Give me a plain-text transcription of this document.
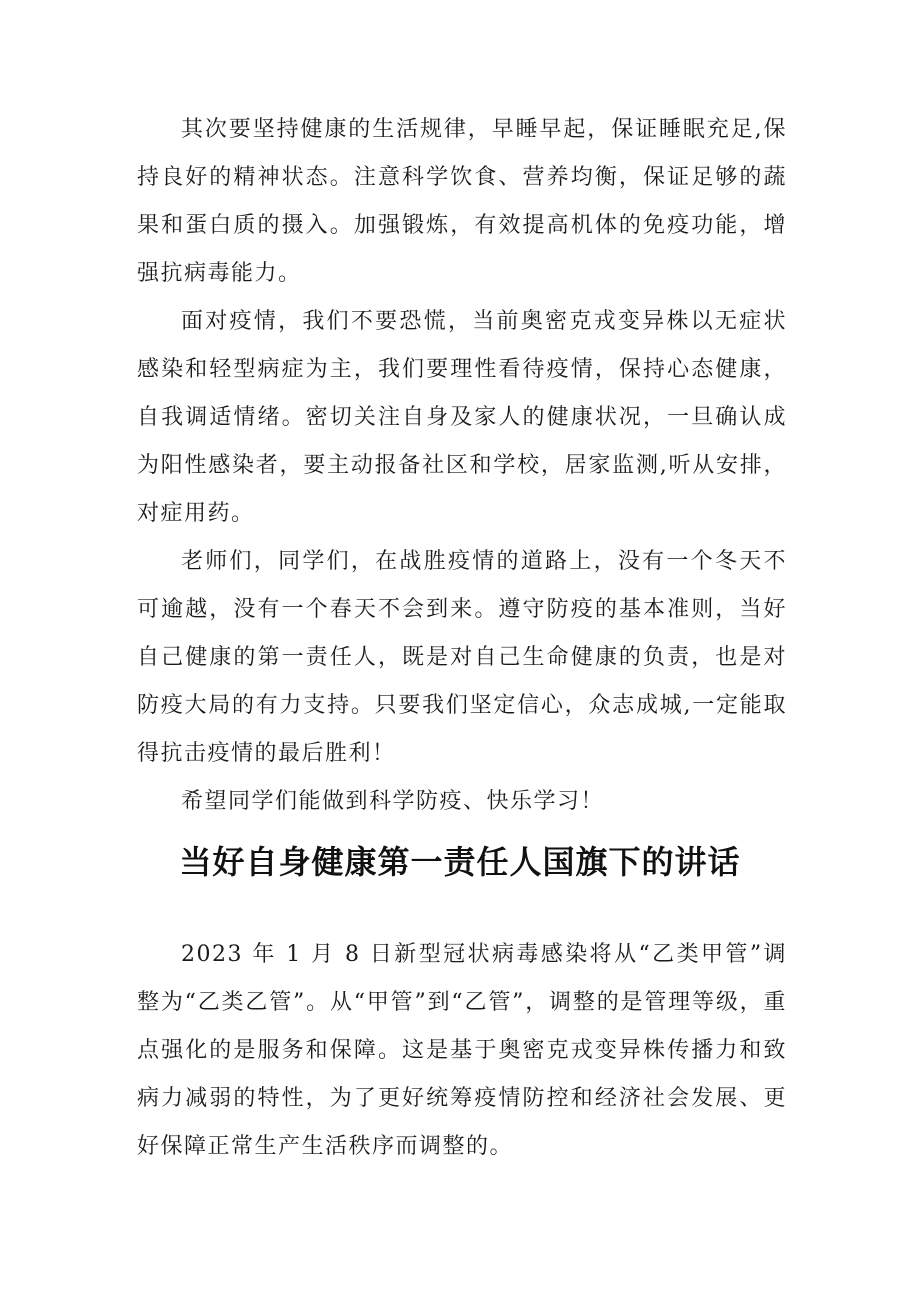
其次要坚持健康的生活规律，早睡早起，保证睡眠充足,保持良好的精神状态。注意科学饮食、营养均衡，保证足够的蔬果和蛋白质的摄入。加强锻炼，有效提高机体的免疫功能，增强抗病毒能力。

面对疫情，我们不要恐慌，当前奥密克戎变异株以无症状感染和轻型病症为主，我们要理性看待疫情，保持心态健康，自我调适情绪。密切关注自身及家人的健康状况，一旦确认成为阳性感染者，要主动报备社区和学校，居家监测,听从安排，对症用药。

老师们，同学们，在战胜疫情的道路上，没有一个冬天不可逾越，没有一个春天不会到来。遵守防疫的基本准则，当好自己健康的第一责任人，既是对自己生命健康的负责，也是对防疫大局的有力支持。只要我们坚定信心，众志成城,一定能取得抗击疫情的最后胜利！

希望同学们能做到科学防疫、快乐学习！

当好自身健康第一责任人国旗下的讲话

2023 年 1 月 8 日新型冠状病毒感染将从“乙类甲管”调整为“乙类乙管”。从“甲管”到“乙管”，调整的是管理等级，重点强化的是服务和保障。这是基于奥密克戎变异株传播力和致病力减弱的特性，为了更好统筹疫情防控和经济社会发展、更好保障正常生产生活秩序而调整的。
